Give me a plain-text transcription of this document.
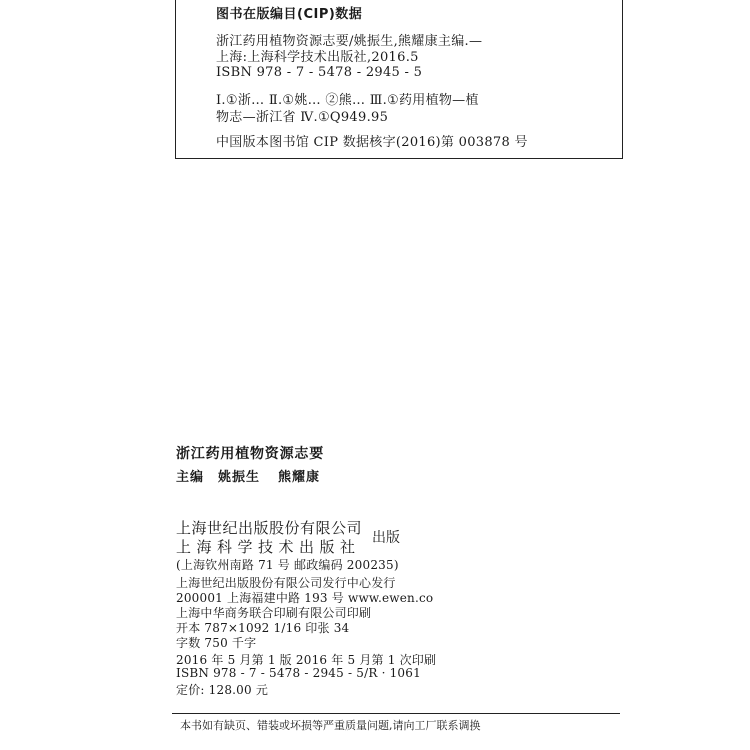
图书在版编目(CIP)数据
浙江药用植物资源志要/姚振生,熊耀康主编.—
上海:上海科学技术出版社,2016.5
ISBN 978 - 7 - 5478 - 2945 - 5
Ⅰ.①浙… Ⅱ.①姚… ②熊… Ⅲ.①药用植物—植
物志—浙江省 Ⅳ.①Q949.95
中国版本图书馆 CIP 数据核字(2016)第 003878 号
浙江药用植物资源志要
主编 姚振生 熊耀康
上海世纪出版股份有限公司
上海科学技术出版社 出版
(上海钦州南路 71 号 邮政编码 200235)
上海世纪出版股份有限公司发行中心发行
200001 上海福建中路 193 号 www.ewen.co
上海中华商务联合印刷有限公司印刷
开本 787×1092 1/16 印张 34
字数 750 千字
2016 年 5 月第 1 版 2016 年 5 月第 1 次印刷
ISBN 978 - 7 - 5478 - 2945 - 5/R · 1061
定价: 128.00 元
本书如有缺页、错装或坏损等严重质量问题,请向工厂联系调换
